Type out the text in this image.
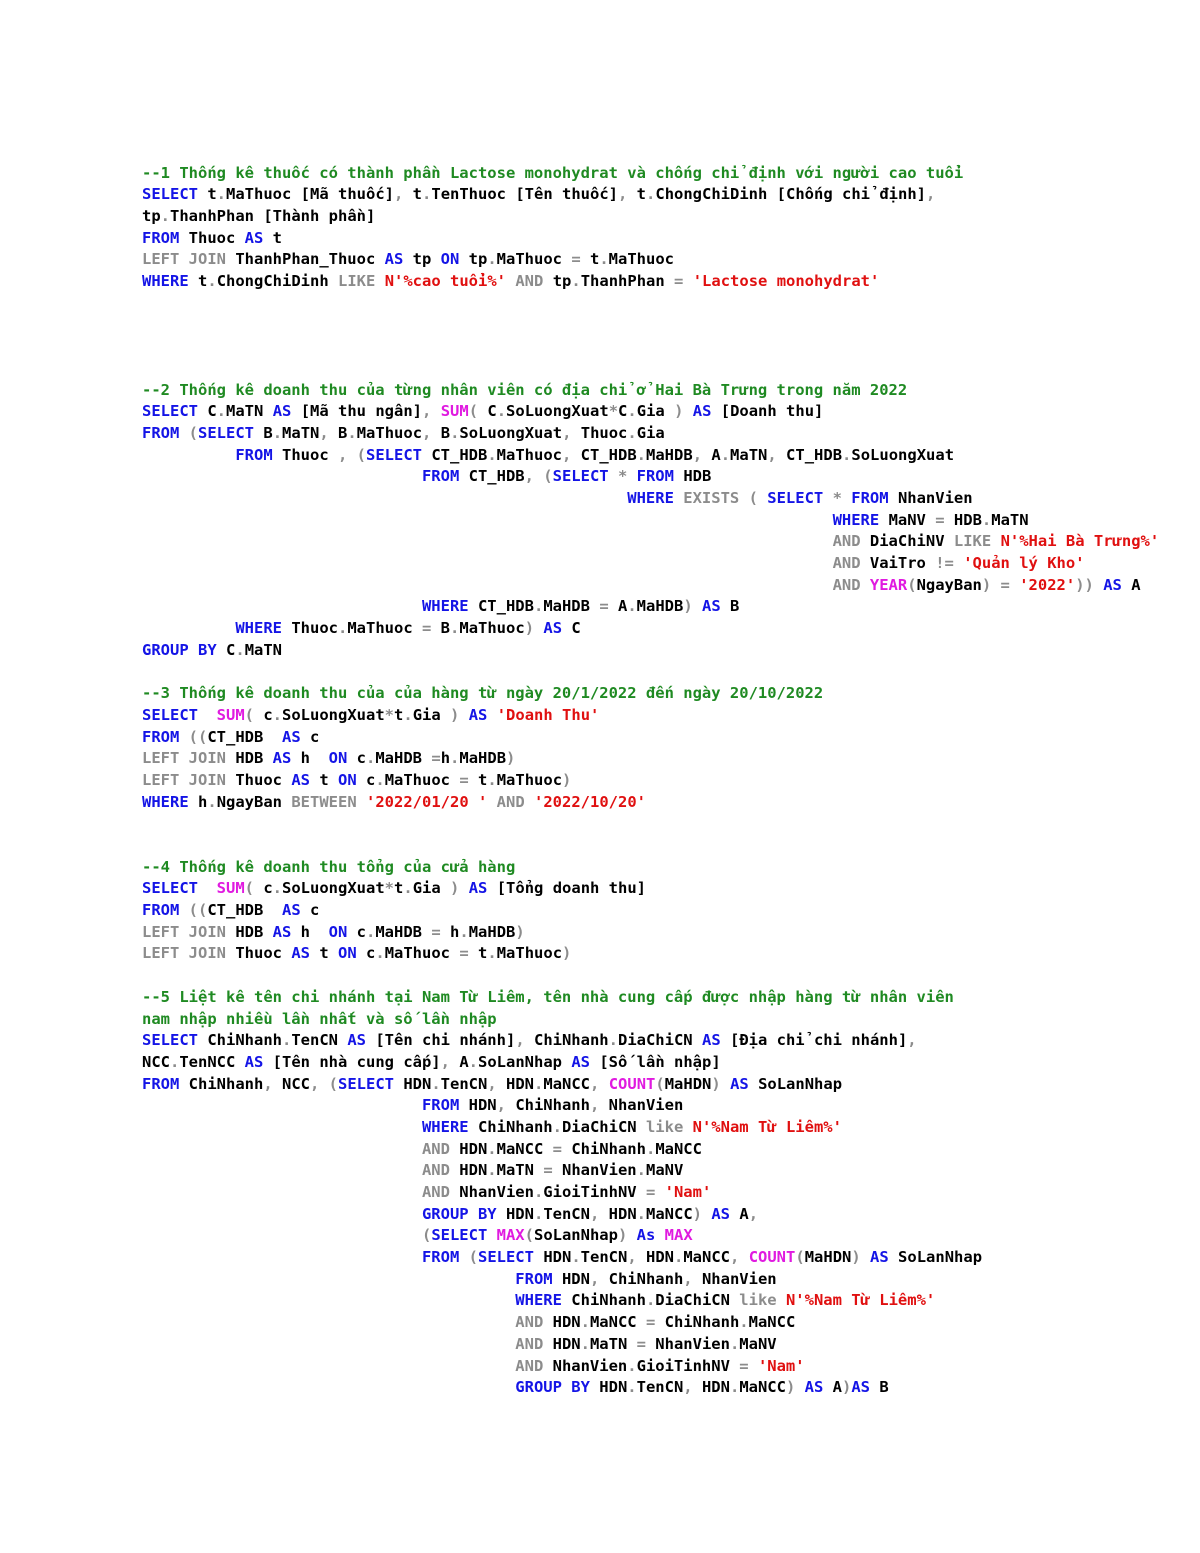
--1 Thống kê thuốc có thành phần Lactose monohydrat và chống chỉ định với người cao tuổi
SELECT t.MaThuoc [Mã thuốc], t.TenThuoc [Tên thuốc], t.ChongChiDinh [Chống chỉ định],
tp.ThanhPhan [Thành phần]
FROM Thuoc AS t
LEFT JOIN ThanhPhan_Thuoc AS tp ON tp.MaThuoc = t.MaThuoc
WHERE t.ChongChiDinh LIKE N'%cao tuổi%' AND tp.ThanhPhan = 'Lactose monohydrat'
--2 Thống kê doanh thu của từng nhân viên có địa chỉ ở Hai Bà Trưng trong năm 2022
SELECT C.MaTN AS [Mã thu ngân], SUM( C.SoLuongXuat*C.Gia ) AS [Doanh thu]
FROM (SELECT B.MaTN, B.MaThuoc, B.SoLuongXuat, Thuoc.Gia
FROM Thuoc , (SELECT CT_HDB.MaThuoc, CT_HDB.MaHDB, A.MaTN, CT_HDB.SoLuongXuat
FROM CT_HDB, (SELECT * FROM HDB
WHERE EXISTS ( SELECT * FROM NhanVien
WHERE MaNV = HDB.MaTN
AND DiaChiNV LIKE N'%Hai Bà Trưng%'
AND VaiTro != 'Quản lý Kho'
AND YEAR(NgayBan) = '2022')) AS A
WHERE CT_HDB.MaHDB = A.MaHDB) AS B
WHERE Thuoc.MaThuoc = B.MaThuoc) AS C
GROUP BY C.MaTN
--3 Thống kê doanh thu của của hàng từ ngày 20/1/2022 đến ngày 20/10/2022
SELECT  SUM( c.SoLuongXuat*t.Gia ) AS 'Doanh Thu'
FROM ((CT_HDB  AS c
LEFT JOIN HDB AS h  ON c.MaHDB =h.MaHDB)
LEFT JOIN Thuoc AS t ON c.MaThuoc = t.MaThuoc)
WHERE h.NgayBan BETWEEN '2022/01/20 ' AND '2022/10/20'
--4 Thống kê doanh thu tổng của cửa hàng
SELECT  SUM( c.SoLuongXuat*t.Gia ) AS [Tổng doanh thu]
FROM ((CT_HDB  AS c
LEFT JOIN HDB AS h  ON c.MaHDB = h.MaHDB)
LEFT JOIN Thuoc AS t ON c.MaThuoc = t.MaThuoc)
--5 Liệt kê tên chi nhánh tại Nam Từ Liêm, tên nhà cung cấp được nhập hàng từ nhân viên
nam nhập nhiều lần nhất và số lần nhập
SELECT ChiNhanh.TenCN AS [Tên chi nhánh], ChiNhanh.DiaChiCN AS [Địa chỉ chi nhánh],
NCC.TenNCC AS [Tên nhà cung cấp], A.SoLanNhap AS [Số lần nhập]
FROM ChiNhanh, NCC, (SELECT HDN.TenCN, HDN.MaNCC, COUNT(MaHDN) AS SoLanNhap
FROM HDN, ChiNhanh, NhanVien
WHERE ChiNhanh.DiaChiCN like N'%Nam Từ Liêm%'
AND HDN.MaNCC = ChiNhanh.MaNCC
AND HDN.MaTN = NhanVien.MaNV
AND NhanVien.GioiTinhNV = 'Nam'
GROUP BY HDN.TenCN, HDN.MaNCC) AS A,
(SELECT MAX(SoLanNhap) As MAX
FROM (SELECT HDN.TenCN, HDN.MaNCC, COUNT(MaHDN) AS SoLanNhap
FROM HDN, ChiNhanh, NhanVien
WHERE ChiNhanh.DiaChiCN like N'%Nam Từ Liêm%'
AND HDN.MaNCC = ChiNhanh.MaNCC
AND HDN.MaTN = NhanVien.MaNV
AND NhanVien.GioiTinhNV = 'Nam'
GROUP BY HDN.TenCN, HDN.MaNCC) AS A)AS B
